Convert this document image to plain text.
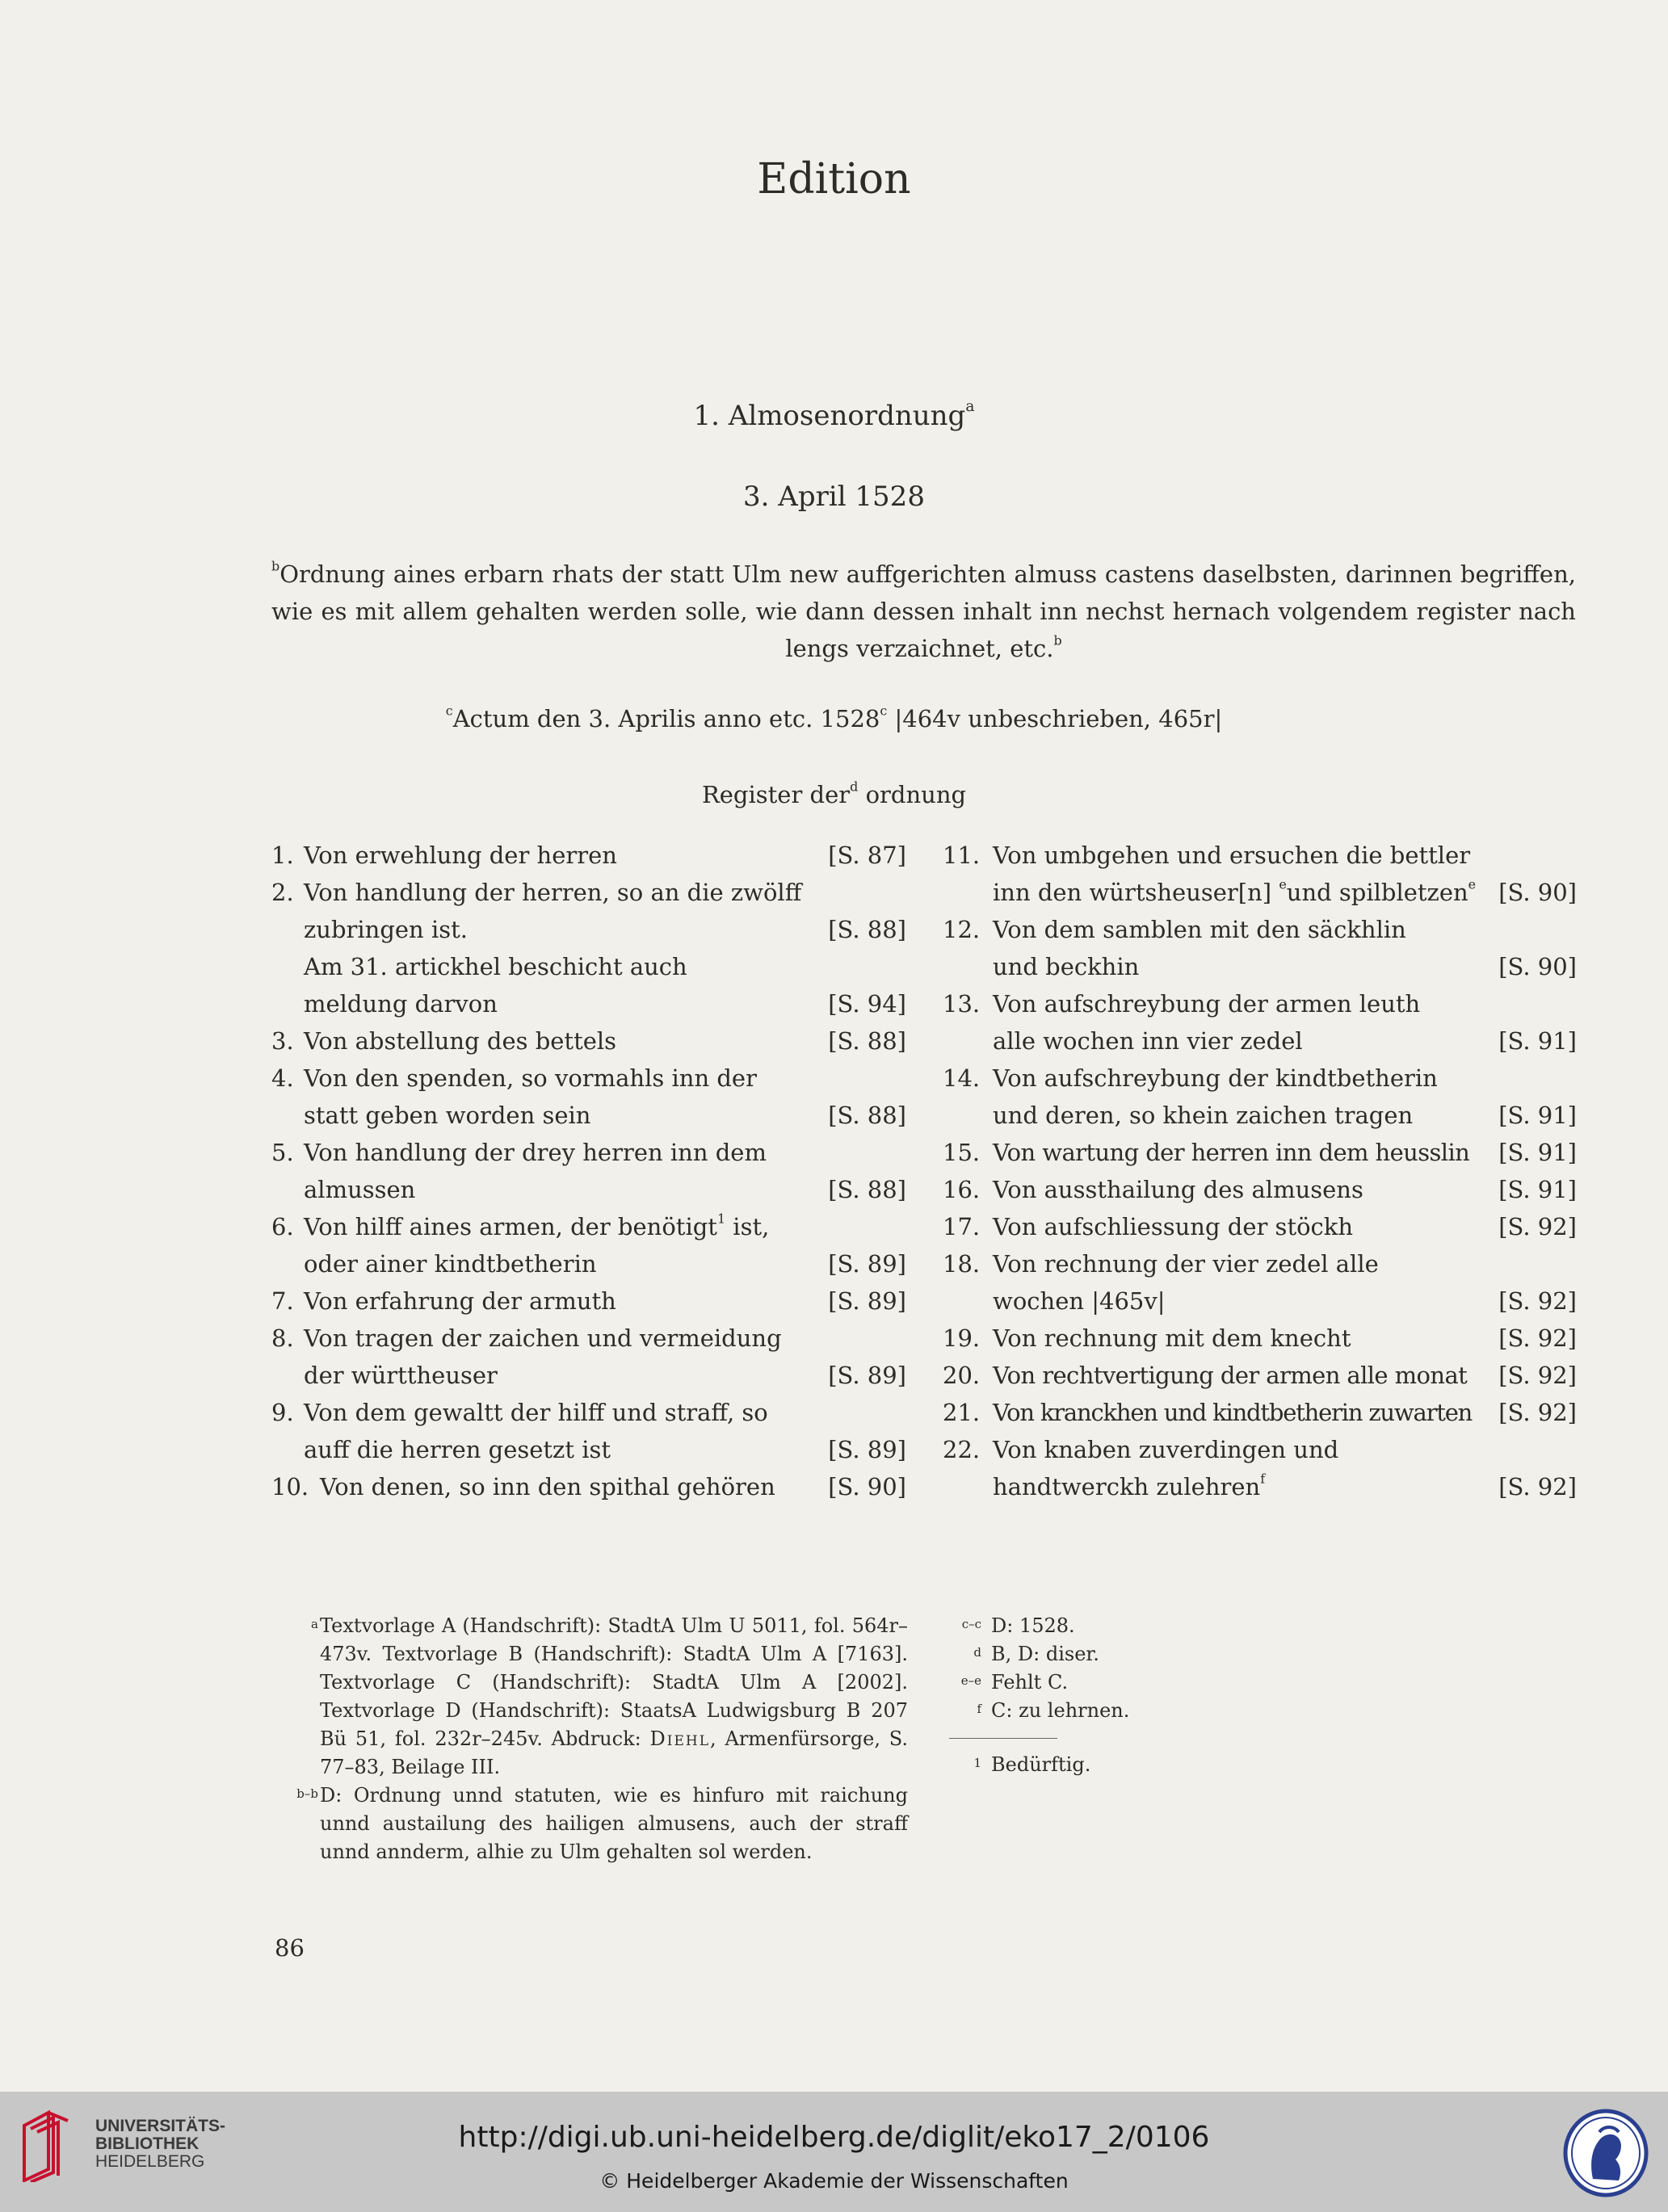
Edition
1. Almosenordnung$^a$
3. April 1528
$^b$Ordnung aines erbarn rhats der statt Ulm new auffgerichten almuss castens daselbsten, darinnen begriffen, wie es mit allem gehalten werden solle, wie dann dessen inhalt inn nechst hernach volgendem register nach lengs verzaichnet, etc.$^b$
$^c$Actum den 3. Aprilis anno etc. 1528$^c$ |464v unbeschrieben, 465r|
Register der$^d$ ordnung
1. Von erwehlung der herren	[S. 87]
2. Von handlung der herren, so an die zwölff
zubringen ist.	[S. 88]
Am 31. artickhel beschicht auch
meldung darvon	[S. 94]
3. Von abstellung des bettels	[S. 88]
4. Von den spenden, so vormahls inn der
statt geben worden sein	[S. 88]
5. Von handlung der drey herren inn dem
almussen	[S. 88]
6. Von hilff aines armen, der benötigt$^1$ ist,
oder ainer kindtbetherin	[S. 89]
7. Von erfahrung der armuth	[S. 89]
8. Von tragen der zaichen und vermeidung
der württheuser	[S. 89]
9. Von dem gewaltt der hilff und straff, so
auff die herren gesetzt ist	[S. 89]
10. Von denen, so inn den spithal gehören [S. 90]
11. Von umbgehen und ersuchen die bettler
inn den würtsheuser[n] $^e$und spilbletzen$^e$ [S. 90]
12. Von dem samblen mit den säckhlin
und beckhin	[S. 90]
13. Von aufschreybung der armen leuth
alle wochen inn vier zedel	[S. 91]
14. Von aufschreybung der kindtbetherin
und deren, so khein zaichen tragen	[S. 91]
15. Von wartung der herren inn dem heusslin [S. 91]
16. Von aussthailung des almusens	[S. 91]
17. Von aufschliessung der stöckh	[S. 92]
18. Von rechnung der vier zedel alle
wochen |465v|	[S. 92]
19. Von rechnung mit dem knecht	[S. 92]
20. Von rechtvertigung der armen alle monat [S. 92]
21. Von kranckhen und kindtbetherin zuwarten [S. 92]
22. Von knaben zuverdingen und
handtwerckh zulehren$^f$	[S. 92]
a Textvorlage A (Handschrift): StadtA Ulm U 5011, fol. 564r–473v. Textvorlage B (Handschrift): StadtA Ulm A [7163]. Textvorlage C (Handschrift): StadtA Ulm A [2002]. Textvorlage D (Handschrift): StaatsA Ludwigsburg B 207 Bü 51, fol. 232r–245v. Abdruck: Diehl, Armenfürsorge, S. 77–83, Beilage III.
b–b D: Ordnung unnd statuten, wie es hinfuro mit raichung unnd austailung des hailigen almusens, auch der straff unnd annderm, alhie zu Ulm gehalten sol werden.
c–c D: 1528.
d B, D: diser.
e–e Fehlt C.
f C: zu lehrnen.
1 Bedürftig.
86
UNIVERSITÄTS-
BIBLIOTHEK
HEIDELBERG
http://digi.ub.uni-heidelberg.de/diglit/eko17_2/0106
© Heidelberger Akademie der Wissenschaften
